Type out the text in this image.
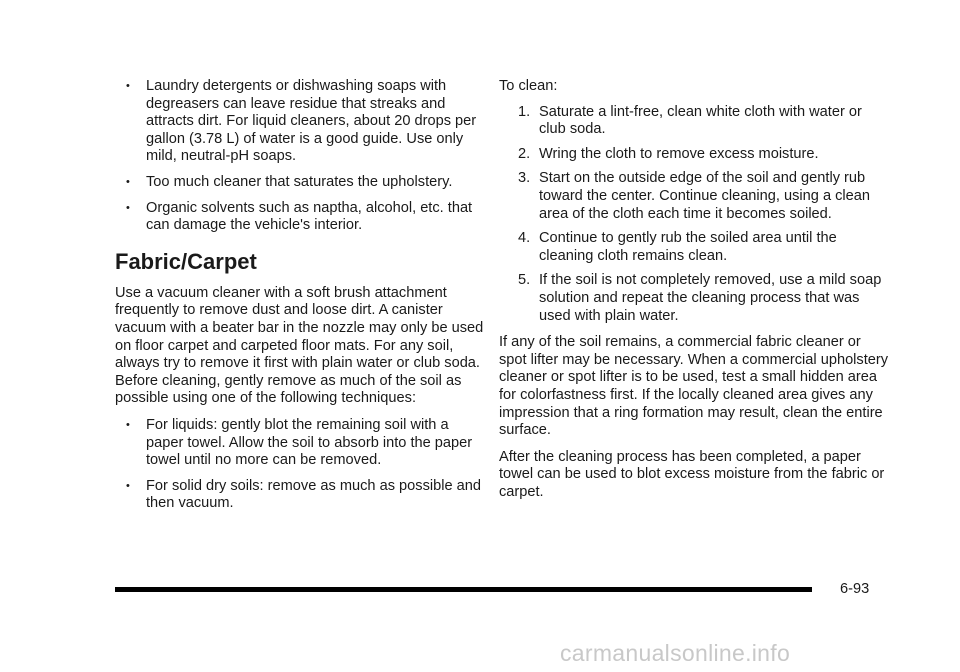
• Laundry detergents or dishwashing soaps with degreasers can leave residue that streaks and attracts dirt. For liquid cleaners, about 20 drops per gallon (3.78 L) of water is a good guide. Use only mild, neutral-pH soaps.
• Too much cleaner that saturates the upholstery.
• Organic solvents such as naptha, alcohol, etc. that can damage the vehicle's interior.
Fabric/Carpet

Use a vacuum cleaner with a soft brush attachment frequently to remove dust and loose dirt. A canister vacuum with a beater bar in the nozzle may only be used on floor carpet and carpeted floor mats. For any soil, always try to remove it first with plain water or club soda. Before cleaning, gently remove as much of the soil as possible using one of the following techniques:

• For liquids: gently blot the remaining soil with a paper towel. Allow the soil to absorb into the paper towel until no more can be removed.
• For solid dry soils: remove as much as possible and then vacuum.

To clean:

1. Saturate a lint-free, clean white cloth with water or club soda.
2. Wring the cloth to remove excess moisture.
3. Start on the outside edge of the soil and gently rub toward the center. Continue cleaning, using a clean area of the cloth each time it becomes soiled.
4. Continue to gently rub the soiled area until the cleaning cloth remains clean.
5. If the soil is not completely removed, use a mild soap solution and repeat the cleaning process that was used with plain water.

If any of the soil remains, a commercial fabric cleaner or spot lifter may be necessary. When a commercial upholstery cleaner or spot lifter is to be used, test a small hidden area for colorfastness first. If the locally cleaned area gives any impression that a ring formation may result, clean the entire surface.

After the cleaning process has been completed, a paper towel can be used to blot excess moisture from the fabric or carpet.

6-93
carmanualsonline.info
